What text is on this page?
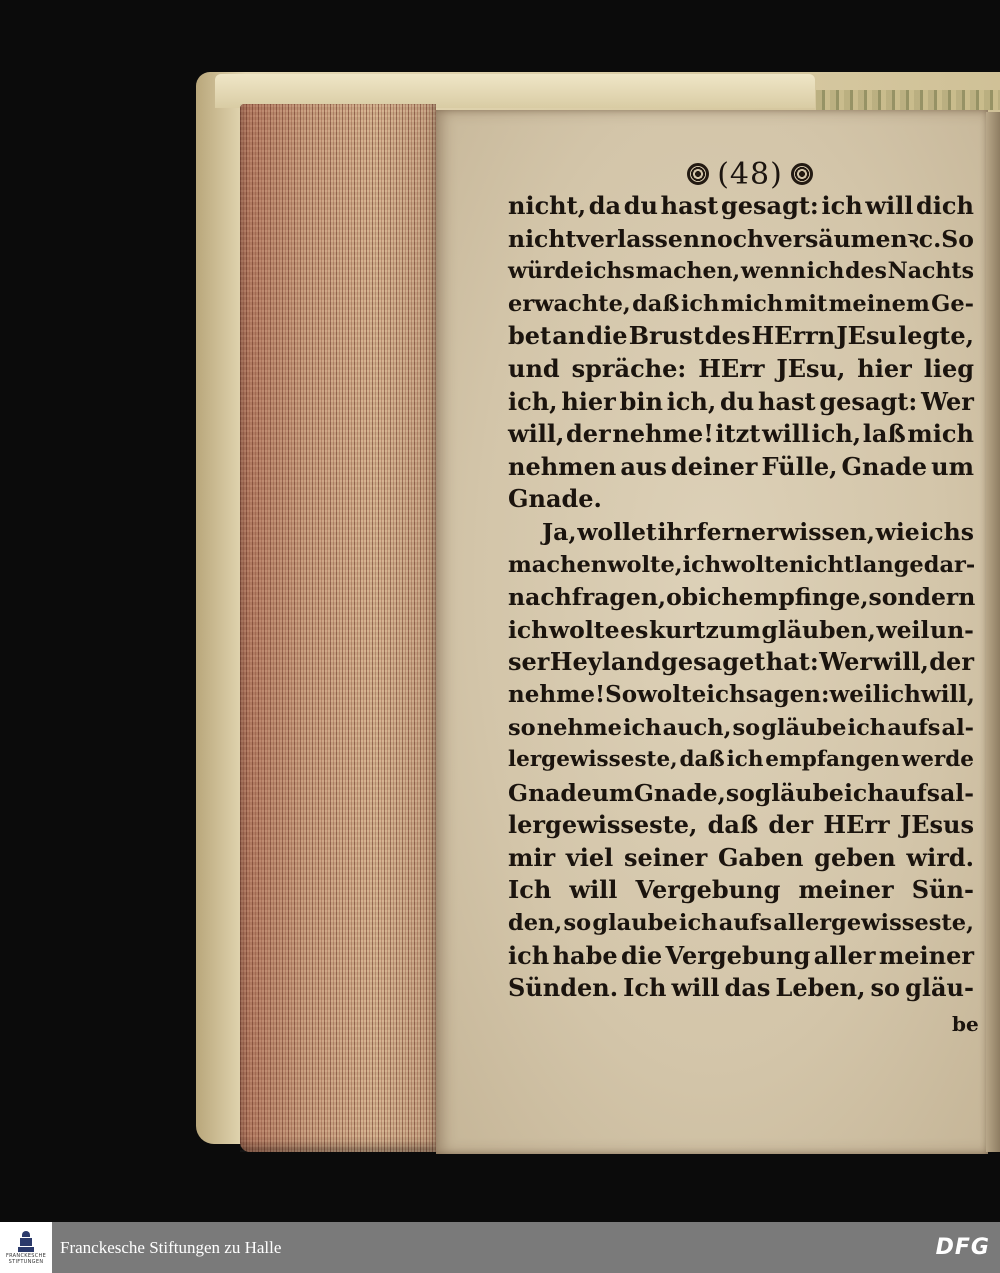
(48)
nicht, da du hast gesagt: ich will dich
nicht verlassen noch versäumen ꝛc. So
würde ichs machen, wenn ich des Nachts
erwachte, daß ich mich mit meinem Ge-
bet an die Brust des HErrn JEsu legte,
und spräche: HErr JEsu, hier lieg
ich, hier bin ich, du hast gesagt: Wer
will, der nehme! itzt will ich, laß mich
nehmen aus deiner Fülle, Gnade um
Gnade.
Ja, wollet ihr ferner wissen, wie ichs
machen wolte, ich wolte nicht lange dar-
nach fragen, ob ich empfinge, sondern
ich wolte es kurtzum gläuben, weil un-
ser Heyland gesaget hat: Wer will, der
nehme! So wolte ich sagen: weil ich will,
so nehme ich auch, so gläube ich aufs al-
lergewisseste, daß ich empfangen werde
Gnade um Gnade, so gläube ich aufs al-
lergewisseste, daß der HErr JEsus
mir viel seiner Gaben geben wird.
Ich will Vergebung meiner Sün-
den, so glaube ich aufs allergewisseste,
ich habe die Vergebung aller meiner
Sünden. Ich will das Leben, so gläu-
be
FRANCKESCHE
STIFTUNGEN
Franckesche Stiftungen zu Halle	DFG
